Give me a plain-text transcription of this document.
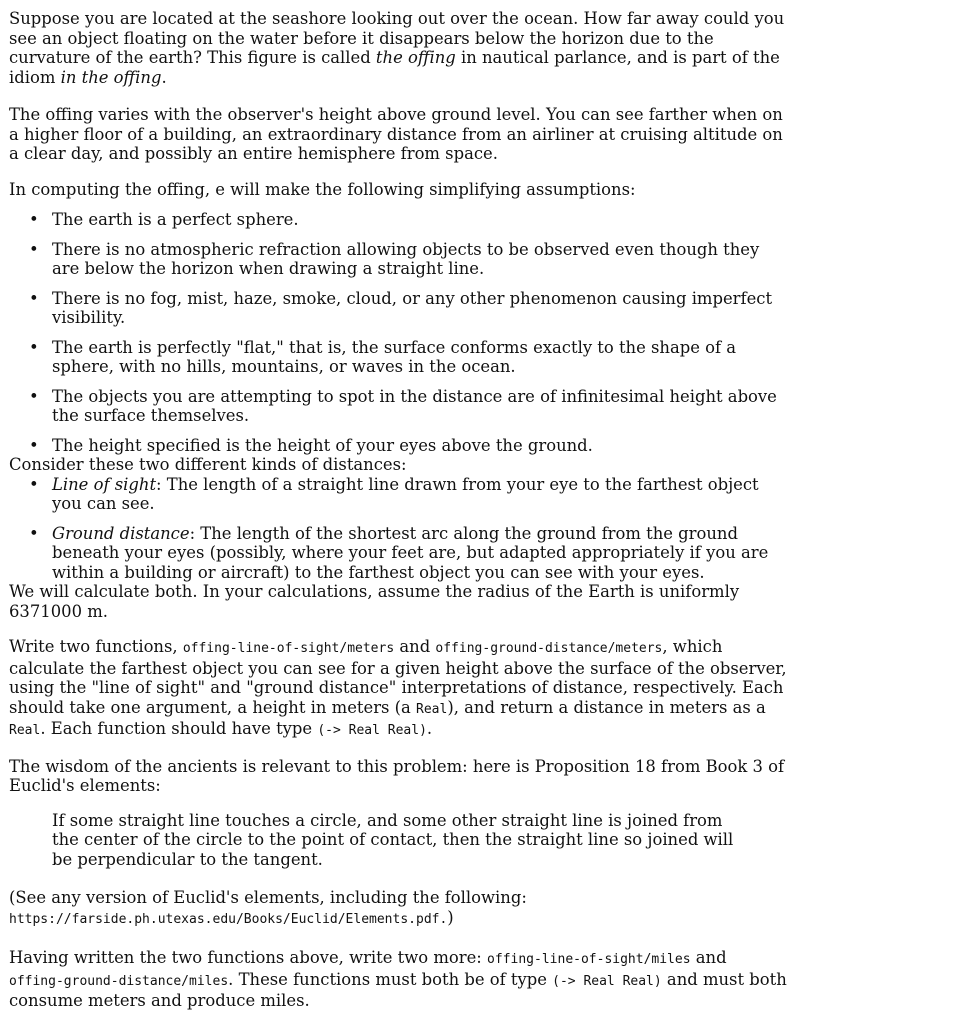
Suppose you are located at the seashore looking out over the ocean. How far away could you see an object floating on the water before it disappears below the horizon due to the curvature of the earth? This figure is called the offing in nautical parlance, and is part of the idiom in the offing.

The offing varies with the observer's height above ground level. You can see farther when on a higher floor of a building, an extraordinary distance from an airliner at cruising altitude on a clear day, and possibly an entire hemisphere from space.

In computing the offing, e will make the following simplifying assumptions:

• The earth is a perfect sphere.
• There is no atmospheric refraction allowing objects to be observed even though they are below the horizon when drawing a straight line.
• There is no fog, mist, haze, smoke, cloud, or any other phenomenon causing imperfect visibility.
• The earth is perfectly "flat," that is, the surface conforms exactly to the shape of a sphere, with no hills, mountains, or waves in the ocean.
• The objects you are attempting to spot in the distance are of infinitesimal height above the surface themselves.
• The height specified is the height of your eyes above the ground.

Consider these two different kinds of distances:

• Line of sight: The length of a straight line drawn from your eye to the farthest object you can see.
• Ground distance: The length of the shortest arc along the ground from the ground beneath your eyes (possibly, where your feet are, but adapted appropriately if you are within a building or aircraft) to the farthest object you can see with your eyes.

We will calculate both. In your calculations, assume the radius of the Earth is uniformly 6371000 m.

Write two functions, offing-line-of-sight/meters and offing-ground-distance/meters, which calculate the farthest object you can see for a given height above the surface of the observer, using the "line of sight" and "ground distance" interpretations of distance, respectively. Each should take one argument, a height in meters (a Real), and return a distance in meters as a Real. Each function should have type (-> Real Real).

The wisdom of the ancients is relevant to this problem: here is Proposition 18 from Book 3 of Euclid's elements:

If some straight line touches a circle, and some other straight line is joined from the center of the circle to the point of contact, then the straight line so joined will be perpendicular to the tangent.

(See any version of Euclid's elements, including the following:
https://farside.ph.utexas.edu/Books/Euclid/Elements.pdf.)

Having written the two functions above, write two more: offing-line-of-sight/miles and
offing-ground-distance/miles. These functions must both be of type (-> Real Real) and must both consume meters and produce miles.
